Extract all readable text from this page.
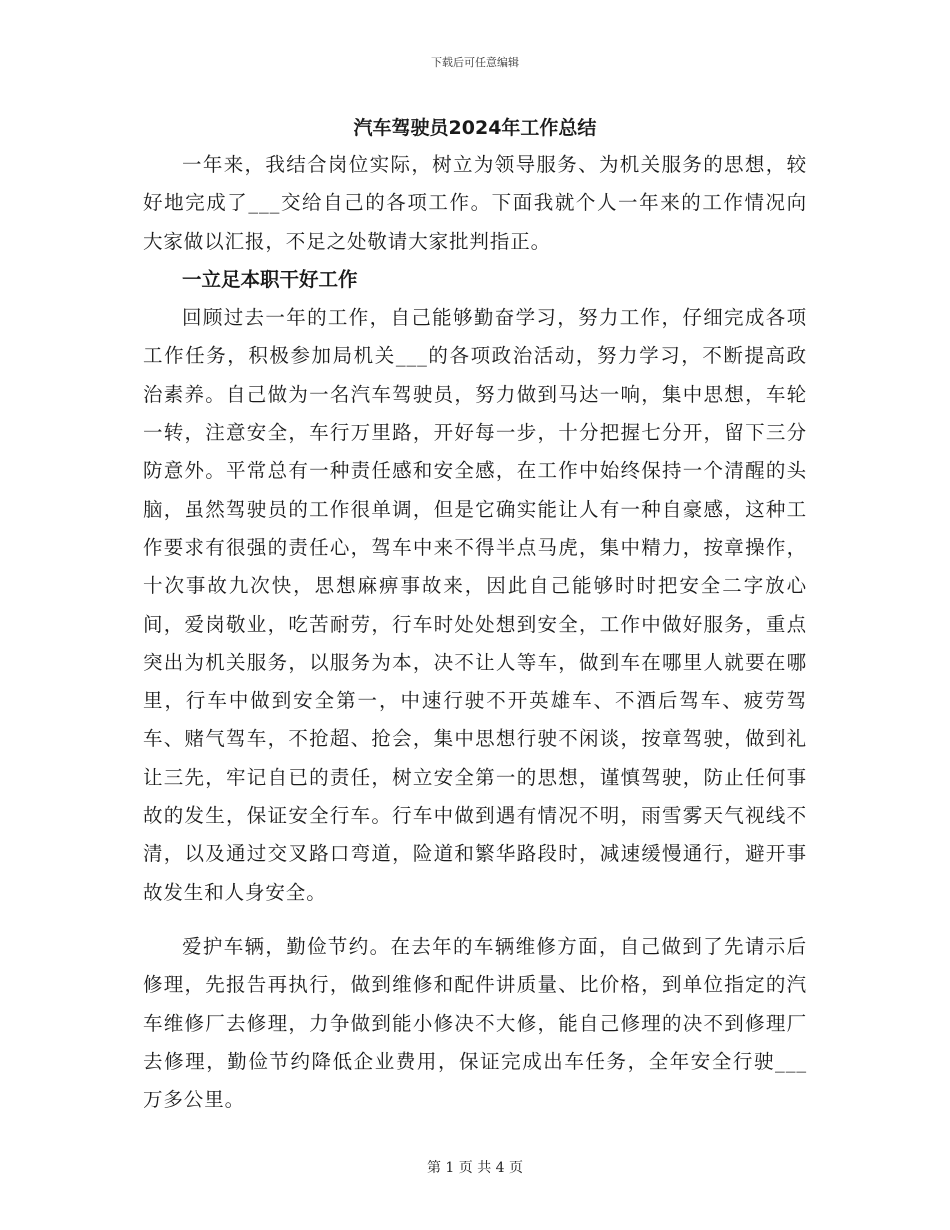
下载后可任意编辑
汽车驾驶员2024年工作总结

一年来，我结合岗位实际，树立为领导服务、为机关服务的思想，较好地完成了___交给自己的各项工作。下面我就个人一年来的工作情况向大家做以汇报，不足之处敬请大家批判指正。

一立足本职干好工作

回顾过去一年的工作，自己能够勤奋学习，努力工作，仔细完成各项工作任务，积极参加局机关___的各项政治活动，努力学习，不断提高政治素养。自己做为一名汽车驾驶员，努力做到马达一响，集中思想，车轮一转，注意安全，车行万里路，开好每一步，十分把握七分开，留下三分防意外。平常总有一种责任感和安全感，在工作中始终保持一个清醒的头脑，虽然驾驶员的工作很单调，但是它确实能让人有一种自豪感，这种工作要求有很强的责任心，驾车中来不得半点马虎，集中精力，按章操作，十次事故九次快，思想麻痹事故来，因此自己能够时时把安全二字放心间，爱岗敬业，吃苦耐劳，行车时处处想到安全，工作中做好服务，重点突出为机关服务，以服务为本，决不让人等车，做到车在哪里人就要在哪里，行车中做到安全第一，中速行驶不开英雄车、不酒后驾车、疲劳驾车、赌气驾车，不抢超、抢会，集中思想行驶不闲谈，按章驾驶，做到礼让三先，牢记自已的责任，树立安全第一的思想，谨慎驾驶，防止任何事故的发生，保证安全行车。行车中做到遇有情况不明，雨雪雾天气视线不清，以及通过交叉路口弯道，险道和繁华路段时，减速缓慢通行，避开事故发生和人身安全。

爱护车辆，勤俭节约。在去年的车辆维修方面，自己做到了先请示后修理，先报告再执行，做到维修和配件讲质量、比价格，到单位指定的汽车维修厂去修理，力争做到能小修决不大修，能自己修理的决不到修理厂去修理，勤俭节约降低企业费用，保证完成出车任务，全年安全行驶___万多公里。

第 1 页 共 4 页
